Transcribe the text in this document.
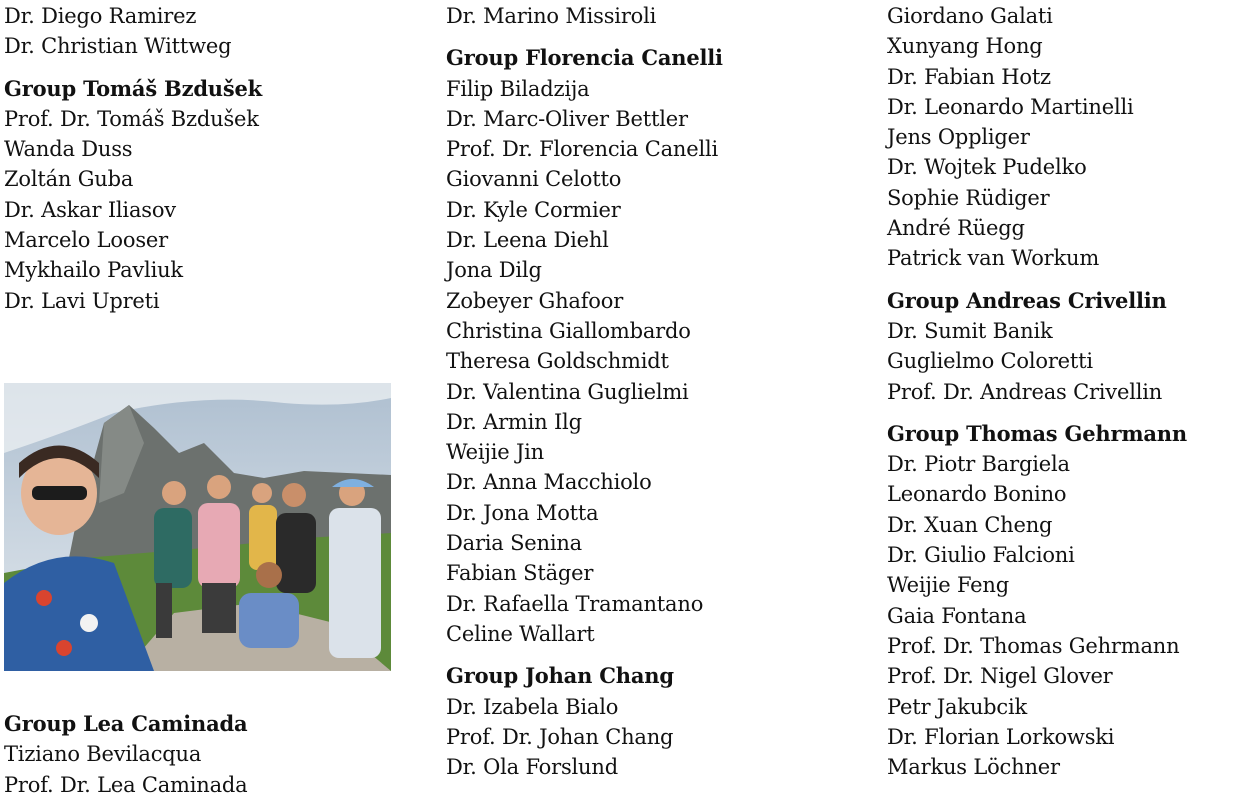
Dr. Diego Ramirez
Dr. Christian Wittweg
Group Tomáš Bzdušek
Prof. Dr. Tomáš Bzdušek
Wanda Duss
Zoltán Guba
Dr. Askar Iliasov
Marcelo Looser
Mykhailo Pavliuk
Dr. Lavi Upreti
Dr. Marino Missiroli
Group Florencia Canelli
Filip Biladzija
Dr. Marc-Oliver Bettler
Prof. Dr. Florencia Canelli
Giovanni Celotto
Dr. Kyle Cormier
Dr. Leena Diehl
Jona Dilg
Zobeyer Ghafoor
Christina Giallombardo
Theresa Goldschmidt
Dr. Valentina Guglielmi
Dr. Armin Ilg
Weijie Jin
Dr. Anna Macchiolo
Dr. Jona Motta
Daria Senina
Fabian Stäger
Dr. Rafaella Tramantano
Celine Wallart
Group Johan Chang
Dr. Izabela Bialo
Prof. Dr. Johan Chang
Dr. Ola Forslund
Giordano Galati
Xunyang Hong
Dr. Fabian Hotz
Dr. Leonardo Martinelli
Jens Oppliger
Dr. Wojtek Pudelko
Sophie Rüdiger
André Rüegg
Patrick van Workum
Group Andreas Crivellin
Dr. Sumit Banik
Guglielmo Coloretti
Prof. Dr. Andreas Crivellin
Group Thomas Gehrmann
Dr. Piotr Bargiela
Leonardo Bonino
Dr. Xuan Cheng
Dr. Giulio Falcioni
Weijie Feng
Gaia Fontana
Prof. Dr. Thomas Gehrmann
Prof. Dr. Nigel Glover
Petr Jakubcik
Dr. Florian Lorkowski
Markus Löchner
Group Lea Caminada
Tiziano Bevilacqua
Prof. Dr. Lea Caminada
